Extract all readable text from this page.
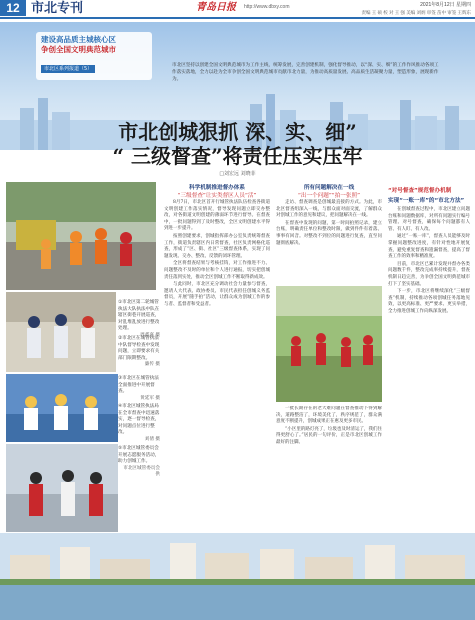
12 市北专刊	青岛日报 http://www.dbxy.com	2021年8月12日 星期四
责编 王 硕 校 对 王 强 美编 刘炳 审签 苗中 审签 王辉东
建设高品质主城核心区
争创全国文明典范城市
市北区系列报道（5）
市北区坚持以创建全国文明典范城市为工作主线，统筹发展，完善创建机制，强化督导推动，以“深、实、细”的工作作风推动各项工作落实落地，全力以赴为全市争创全国文明典范城市贡献市北力量，为推动高质量发展、高品质生活凝聚力量，塑造形象，展现新作为。
市北创城狠抓 深、实、细”
“ 三级督查”将责任压实压牢
□刘宏远 刘晓菲
①市北区第二轮城管执法大队执法中队在辖区街巷开展巡查，对乱堆乱放进行整改处理。
周鑫嘉 摄
②市北区在城管执法中队督导检查中发现问题，立即要求有关部门限期整改。
廉传 摄
③市北区在城管执法全面推进中开展督查。
黄延军 摄
④市北区城管执法局在全市督查中迅速落实，逐一督导检查，对问题点位进行整改。
刘倩 摄
⑤市北区城管委员会开展志愿服务活动，助力创城工作。
市北区城管委员会 供
科学机制推进督办体系
“三级督查”让实类督区人员“活”

8月7日，市北区首开行城管执法队伍检查各街道文明创建工作落实情况，督导发现问题立即交办整改，对各街道文明创建的薄弱环节进行督导。在督查中，一批问题得到了及时整改，全区文明创建水平得到进一步提升。

按照创建要求，创城指挥部办公室负责统筹督查工作，街道负责辖区内日常督查，社区负责网格化巡查，形成了“区、街、社区”三级督查体系，实现了问题发现、交办、整改、反馈的闭环管理。

全区将督查结果与考核挂钩，对工作推进不力、问题整改不及时的单位和个人进行通报，切实把创城责任落到实处，推动全区创城工作不断取得新成效。

与此同时，市北区充分调动社会力量参与督查，邀请人大代表、政协委员、市民代表担任创城义务监督员，开展“随手拍”活动，让群众成为创城工作的参与者、监督者和受益者。

所有问题解决在一线
“出一个问题”“拍一张照”

走访、督查调查是创城最直接的方式。为此，市北区督查组深入一线，与群众面对面交流，了解群众对创城工作的意见和建议，把问题解决在一线。

在督查中发现的问题，第一时间拍照记录，建立台账，明确责任单位和整改时限，做到件件有着落、事事有回音。对整改不到位的问题进行复查，直至问题彻底解决。

一批长期存在的老大难问题在督查推动下得到解决，道路整洁了，环境美化了，秩序规范了，群众满意度不断提升，创城成果正在惠及更多市民。

“小区里的路灯亮了，垃圾也及时清运了，我们住得更舒心了。”居民的一句评价，正是市北区创城工作最好的注脚。

“对号督查”规范督办机制
实现“一账一库”的“市北方法”

在创城督查过程中，市北区建立问题台账和问题数据库，对所有问题实行编号管理、对号督查，确保每个问题都有人管、有人盯、有人改。

通过“一账一库”，督查人员能够及时掌握问题整改进度，有针对性地开展复查，避免重复督查和遗漏督查，提高了督查工作的效率和精准度。

目前，市北区已累计发现并督办各类问题数千件，整改完成率持续提升，督查机制日趋完善，为争创全国文明典范城市打下了坚实基础。

下一步，市北区将继续深化“三级督查”机制，持续推动各项创城任务落地见效，以更高标准、更严要求、更实举措，全力推进创城工作向纵深发展。
